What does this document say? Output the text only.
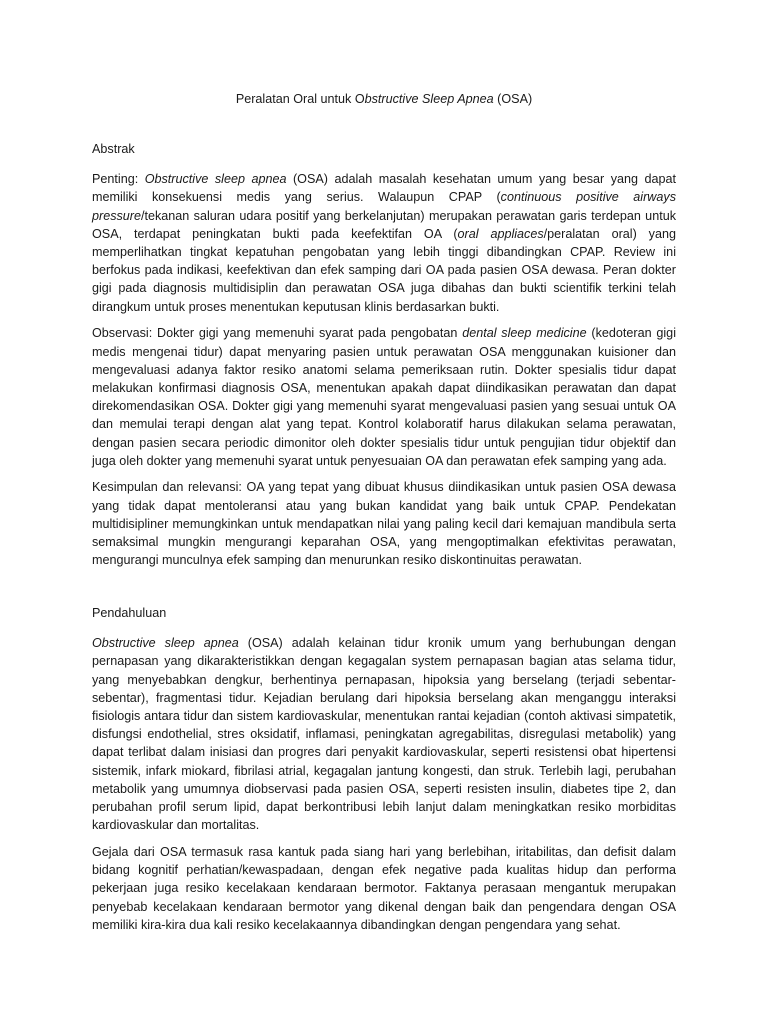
Peralatan Oral untuk Obstructive Sleep Apnea (OSA)
Abstrak

Penting: Obstructive sleep apnea (OSA) adalah masalah kesehatan umum yang besar yang dapat memiliki konsekuensi medis yang serius. Walaupun CPAP (continuous positive airways pressure/tekanan saluran udara positif yang berkelanjutan) merupakan perawatan garis terdepan untuk OSA, terdapat peningkatan bukti pada keefektifan OA (oral appliaces/peralatan oral) yang memperlihatkan tingkat kepatuhan pengobatan yang lebih tinggi dibandingkan CPAP. Review ini berfokus pada indikasi, keefektivan dan efek samping dari OA pada pasien OSA dewasa. Peran dokter gigi pada diagnosis multidisiplin dan perawatan OSA juga dibahas dan bukti scientifik terkini telah dirangkum untuk proses menentukan keputusan klinis berdasarkan bukti.

Observasi: Dokter gigi yang memenuhi syarat pada pengobatan dental sleep medicine (kedoteran gigi medis mengenai tidur) dapat menyaring pasien untuk perawatan OSA menggunakan kuisioner dan mengevaluasi adanya faktor resiko anatomi selama pemeriksaan rutin. Dokter spesialis tidur dapat melakukan konfirmasi diagnosis OSA, menentukan apakah dapat diindikasikan perawatan dan dapat direkomendasikan OSA. Dokter gigi yang memenuhi syarat mengevaluasi pasien yang sesuai untuk OA dan memulai terapi dengan alat yang tepat. Kontrol kolaboratif harus dilakukan selama perawatan, dengan pasien secara periodic dimonitor oleh dokter spesialis tidur untuk pengujian tidur objektif dan juga oleh dokter yang memenuhi syarat untuk penyesuaian OA dan perawatan efek samping yang ada.

Kesimpulan dan relevansi: OA yang tepat yang dibuat khusus diindikasikan untuk pasien OSA dewasa yang tidak dapat mentoleransi atau yang bukan kandidat yang baik untuk CPAP. Pendekatan multidisipliner memungkinkan untuk mendapatkan nilai yang paling kecil dari kemajuan mandibula serta semaksimal mungkin mengurangi keparahan OSA, yang mengoptimalkan efektivitas perawatan, mengurangi munculnya efek samping dan menurunkan resiko diskontinuitas perawatan.

Pendahuluan

Obstructive sleep apnea (OSA) adalah kelainan tidur kronik umum yang berhubungan dengan pernapasan yang dikarakteristikkan dengan kegagalan system pernapasan bagian atas selama tidur, yang menyebabkan dengkur, berhentinya pernapasan, hipoksia yang berselang (terjadi sebentar-sebentar), fragmentasi tidur. Kejadian berulang dari hipoksia berselang akan menganggu interaksi fisiologis antara tidur dan sistem kardiovaskular, menentukan rantai kejadian (contoh aktivasi simpatetik, disfungsi endothelial, stres oksidatif, inflamasi, peningkatan agregabilitas, disregulasi metabolik) yang dapat terlibat dalam inisiasi dan progres dari penyakit kardiovaskular, seperti resistensi obat hipertensi sistemik, infark miokard, fibrilasi atrial, kegagalan jantung kongesti, dan struk. Terlebih lagi, perubahan metabolik yang umumnya diobservasi pada pasien OSA, seperti resisten insulin, diabetes tipe 2, dan perubahan profil serum lipid, dapat berkontribusi lebih lanjut dalam meningkatkan resiko morbiditas kardiovaskular dan mortalitas.

Gejala dari OSA termasuk rasa kantuk pada siang hari yang berlebihan, iritabilitas, dan defisit dalam bidang kognitif perhatian/kewaspadaan, dengan efek negative pada kualitas hidup dan performa pekerjaan juga resiko kecelakaan kendaraan bermotor. Faktanya perasaan mengantuk merupakan penyebab kecelakaan kendaraan bermotor yang dikenal dengan baik dan pengendara dengan OSA memiliki kira-kira dua kali resiko kecelakaannya dibandingkan dengan pengendara yang sehat.
